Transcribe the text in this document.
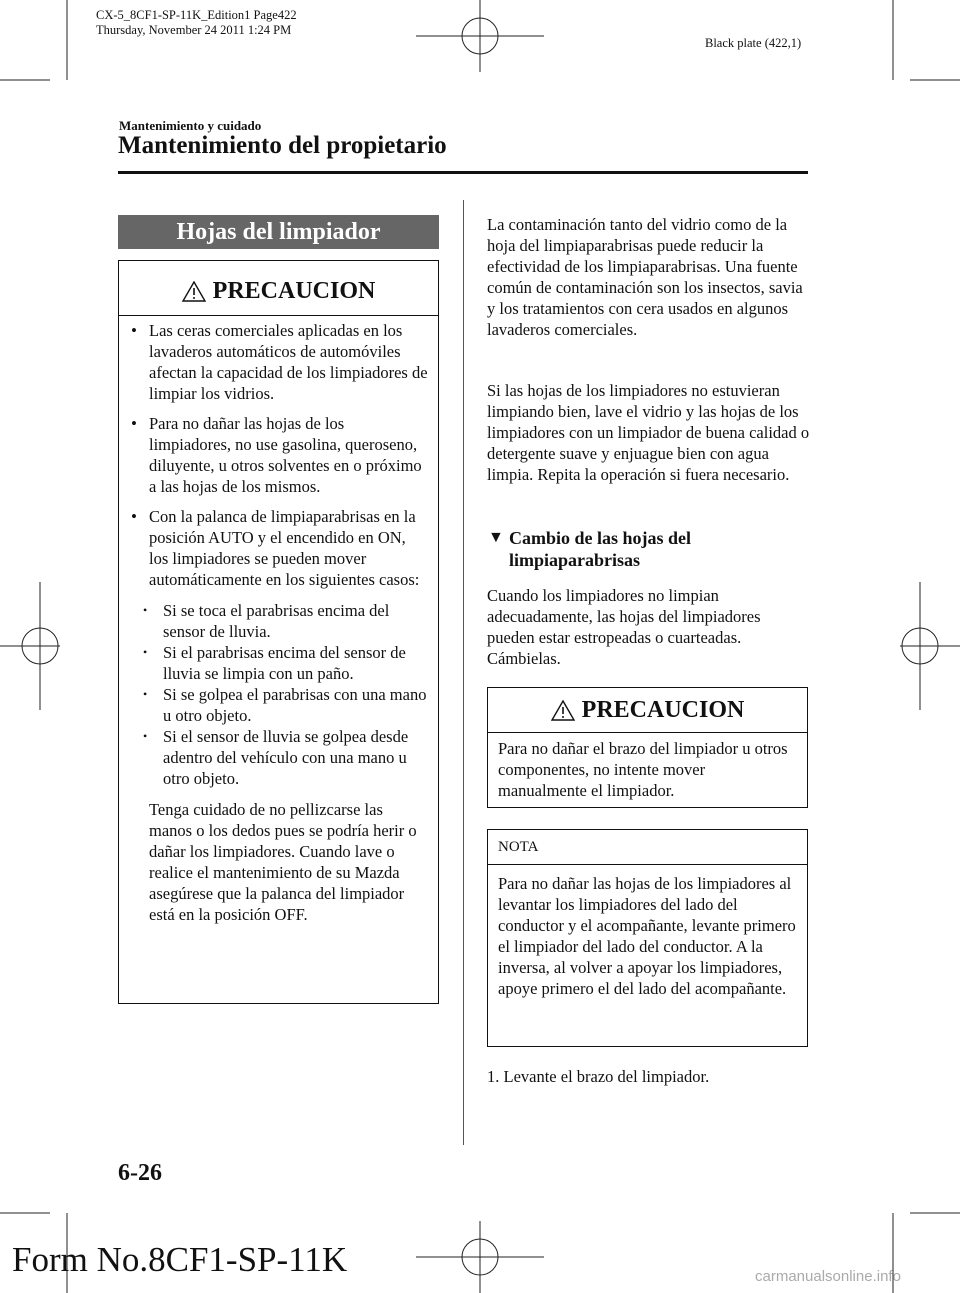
CX-5_8CF1-SP-11K_Edition1 Page422
Thursday, November 24 2011 1:24 PM
Black plate (422,1)
Mantenimiento y cuidado
Mantenimiento del propietario
Hojas del limpiador
PRECAUCION
• Las ceras comerciales aplicadas en los lavaderos automáticos de automóviles afectan la capacidad de los limpiadores de limpiar los vidrios.
• Para no dañar las hojas de los limpiadores, no use gasolina, queroseno, diluyente, u otros solventes en o próximo a las hojas de los mismos.
• Con la palanca de limpiaparabrisas en la posición AUTO y el encendido en ON, los limpiadores se pueden mover automáticamente en los siguientes casos:
• Si se toca el parabrisas encima del sensor de lluvia.
• Si el parabrisas encima del sensor de lluvia se limpia con un paño.
• Si se golpea el parabrisas con una mano u otro objeto.
• Si el sensor de lluvia se golpea desde adentro del vehículo con una mano u otro objeto.
Tenga cuidado de no pellizcarse las manos o los dedos pues se podría herir o dañar los limpiadores. Cuando lave o realice el mantenimiento de su Mazda asegúrese que la palanca del limpiador está en la posición OFF.
La contaminación tanto del vidrio como de la hoja del limpiaparabrisas puede reducir la efectividad de los limpiaparabrisas. Una fuente común de contaminación son los insectos, savia y los tratamientos con cera usados en algunos lavaderos comerciales.
Si las hojas de los limpiadores no estuvieran limpiando bien, lave el vidrio y las hojas de los limpiadores con un limpiador de buena calidad o detergente suave y enjuague bien con agua limpia. Repita la operación si fuera necesario.
▼ Cambio de las hojas del limpiaparabrisas
Cuando los limpiadores no limpian adecuadamente, las hojas del limpiadores pueden estar estropeadas o cuarteadas. Cámbielas.
PRECAUCION
Para no dañar el brazo del limpiador u otros componentes, no intente mover manualmente el limpiador.
NOTA
Para no dañar las hojas de los limpiadores al levantar los limpiadores del lado del conductor y el acompañante, levante primero el limpiador del lado del conductor. A la inversa, al volver a apoyar los limpiadores, apoye primero el del lado del acompañante.
1. Levante el brazo del limpiador.
6-26
Form No.8CF1-SP-11K	carmanualsonline.info
